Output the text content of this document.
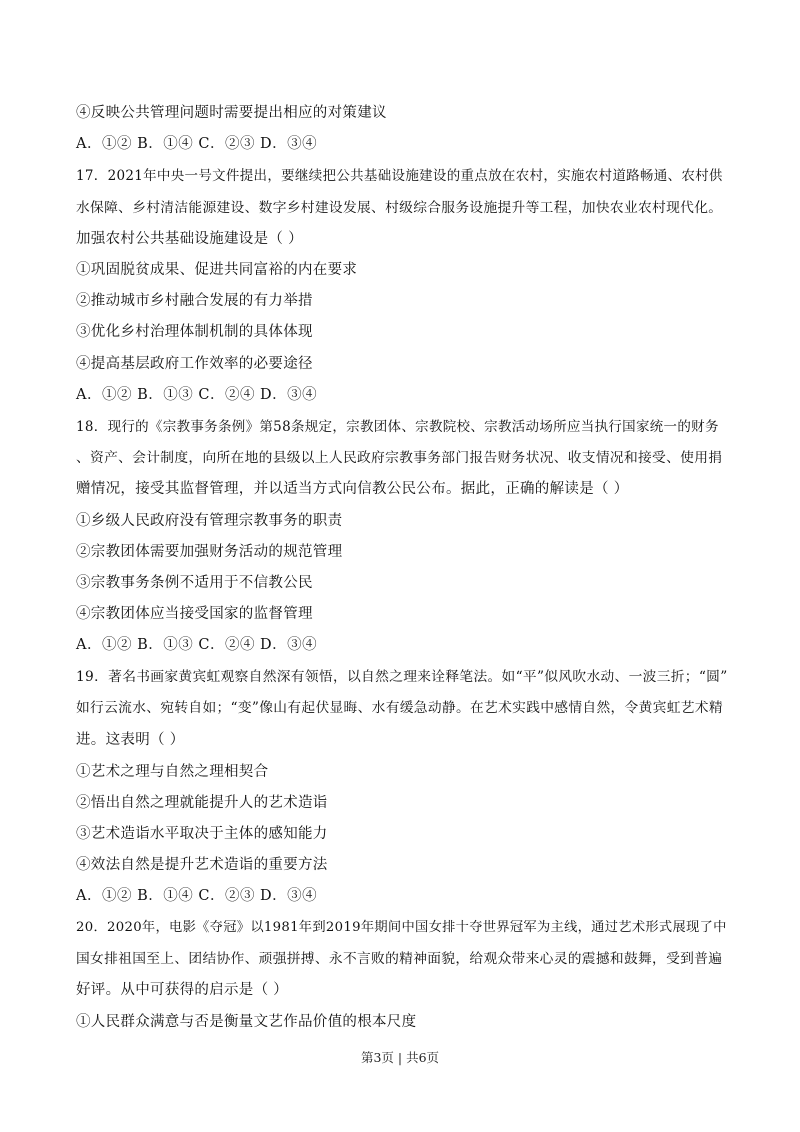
④反映公共管理问题时需要提出相应的对策建议
A．①② B．①④ C．②③ D．③④
17．2021年中央一号文件提出，要继续把公共基础设施建设的重点放在农村，实施农村道路畅通、农村供
水保障、乡村清洁能源建设、数字乡村建设发展、村级综合服务设施提升等工程，加快农业农村现代化。
加强农村公共基础设施建设是（ ）
①巩固脱贫成果、促进共同富裕的内在要求
②推动城市乡村融合发展的有力举措
③优化乡村治理体制机制的具体体现
④提高基层政府工作效率的必要途径
A．①② B．①③ C．②④ D．③④
18．现行的《宗教事务条例》第58条规定，宗教团体、宗教院校、宗教活动场所应当执行国家统一的财务
、资产、会计制度，向所在地的县级以上人民政府宗教事务部门报告财务状况、收支情况和接受、使用捐
赠情况，接受其监督管理，并以适当方式向信教公民公布。据此，正确的解读是（ ）
①乡级人民政府没有管理宗教事务的职责
②宗教团体需要加强财务活动的规范管理
③宗教事务条例不适用于不信教公民
④宗教团体应当接受国家的监督管理
A．①② B．①③ C．②④ D．③④
19．著名书画家黄宾虹观察自然深有领悟，以自然之理来诠释笔法。如“平”似风吹水动、一波三折；“圆”
如行云流水、宛转自如；“变”像山有起伏显晦、水有缓急动静。在艺术实践中感情自然，令黄宾虹艺术精
进。这表明（ ）
①艺术之理与自然之理相契合
②悟出自然之理就能提升人的艺术造诣
③艺术造诣水平取决于主体的感知能力
④效法自然是提升艺术造诣的重要方法
A．①② B．①④ C．②③ D．③④
20．2020年，电影《夺冠》以1981年到2019年期间中国女排十夺世界冠军为主线，通过艺术形式展现了中
国女排祖国至上、团结协作、顽强拼搏、永不言败的精神面貌，给观众带来心灵的震撼和鼓舞，受到普遍
好评。从中可获得的启示是（ ）
①人民群众满意与否是衡量文艺作品价值的根本尺度
第3页 | 共6页
